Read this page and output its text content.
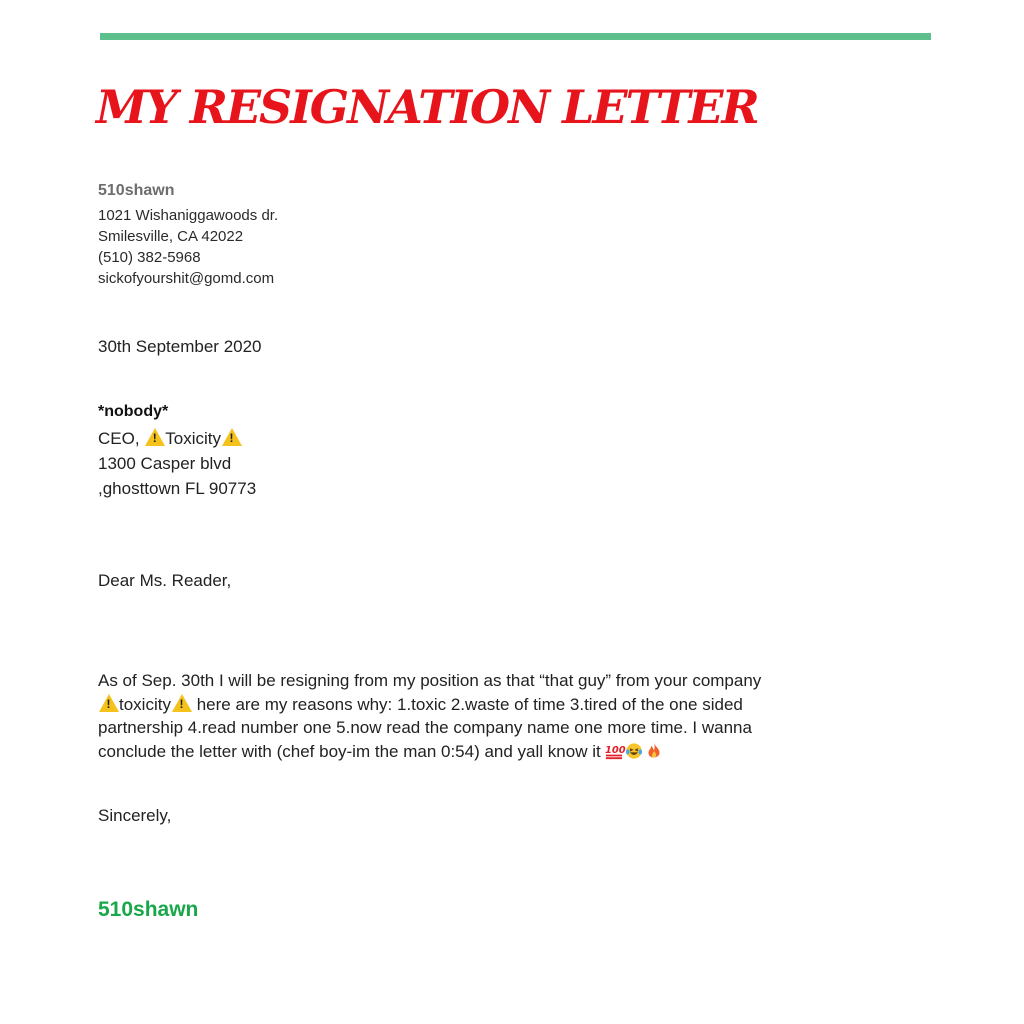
MY RESIGNATION LETTER
510shawn
1021 Wishaniggawoods dr.
Smilesville, CA 42022
(510) 382-5968
sickofyourshit@gomd.com
30th September 2020
*nobody*
CEO, ! Toxicity !
1300 Casper blvd
,ghosttown FL 90773
Dear Ms. Reader,
As of Sep. 30th I will be resigning from my position as that “that guy” from your company
! toxicity ! here are my reasons why: 1.toxic 2.waste of time 3.tired of the one sided partnership 4.read number one 5.now read the company name one more time. I wanna conclude the letter with (chef boy-im the man 0:54) and yall know it 100
Sincerely,
510shawn
